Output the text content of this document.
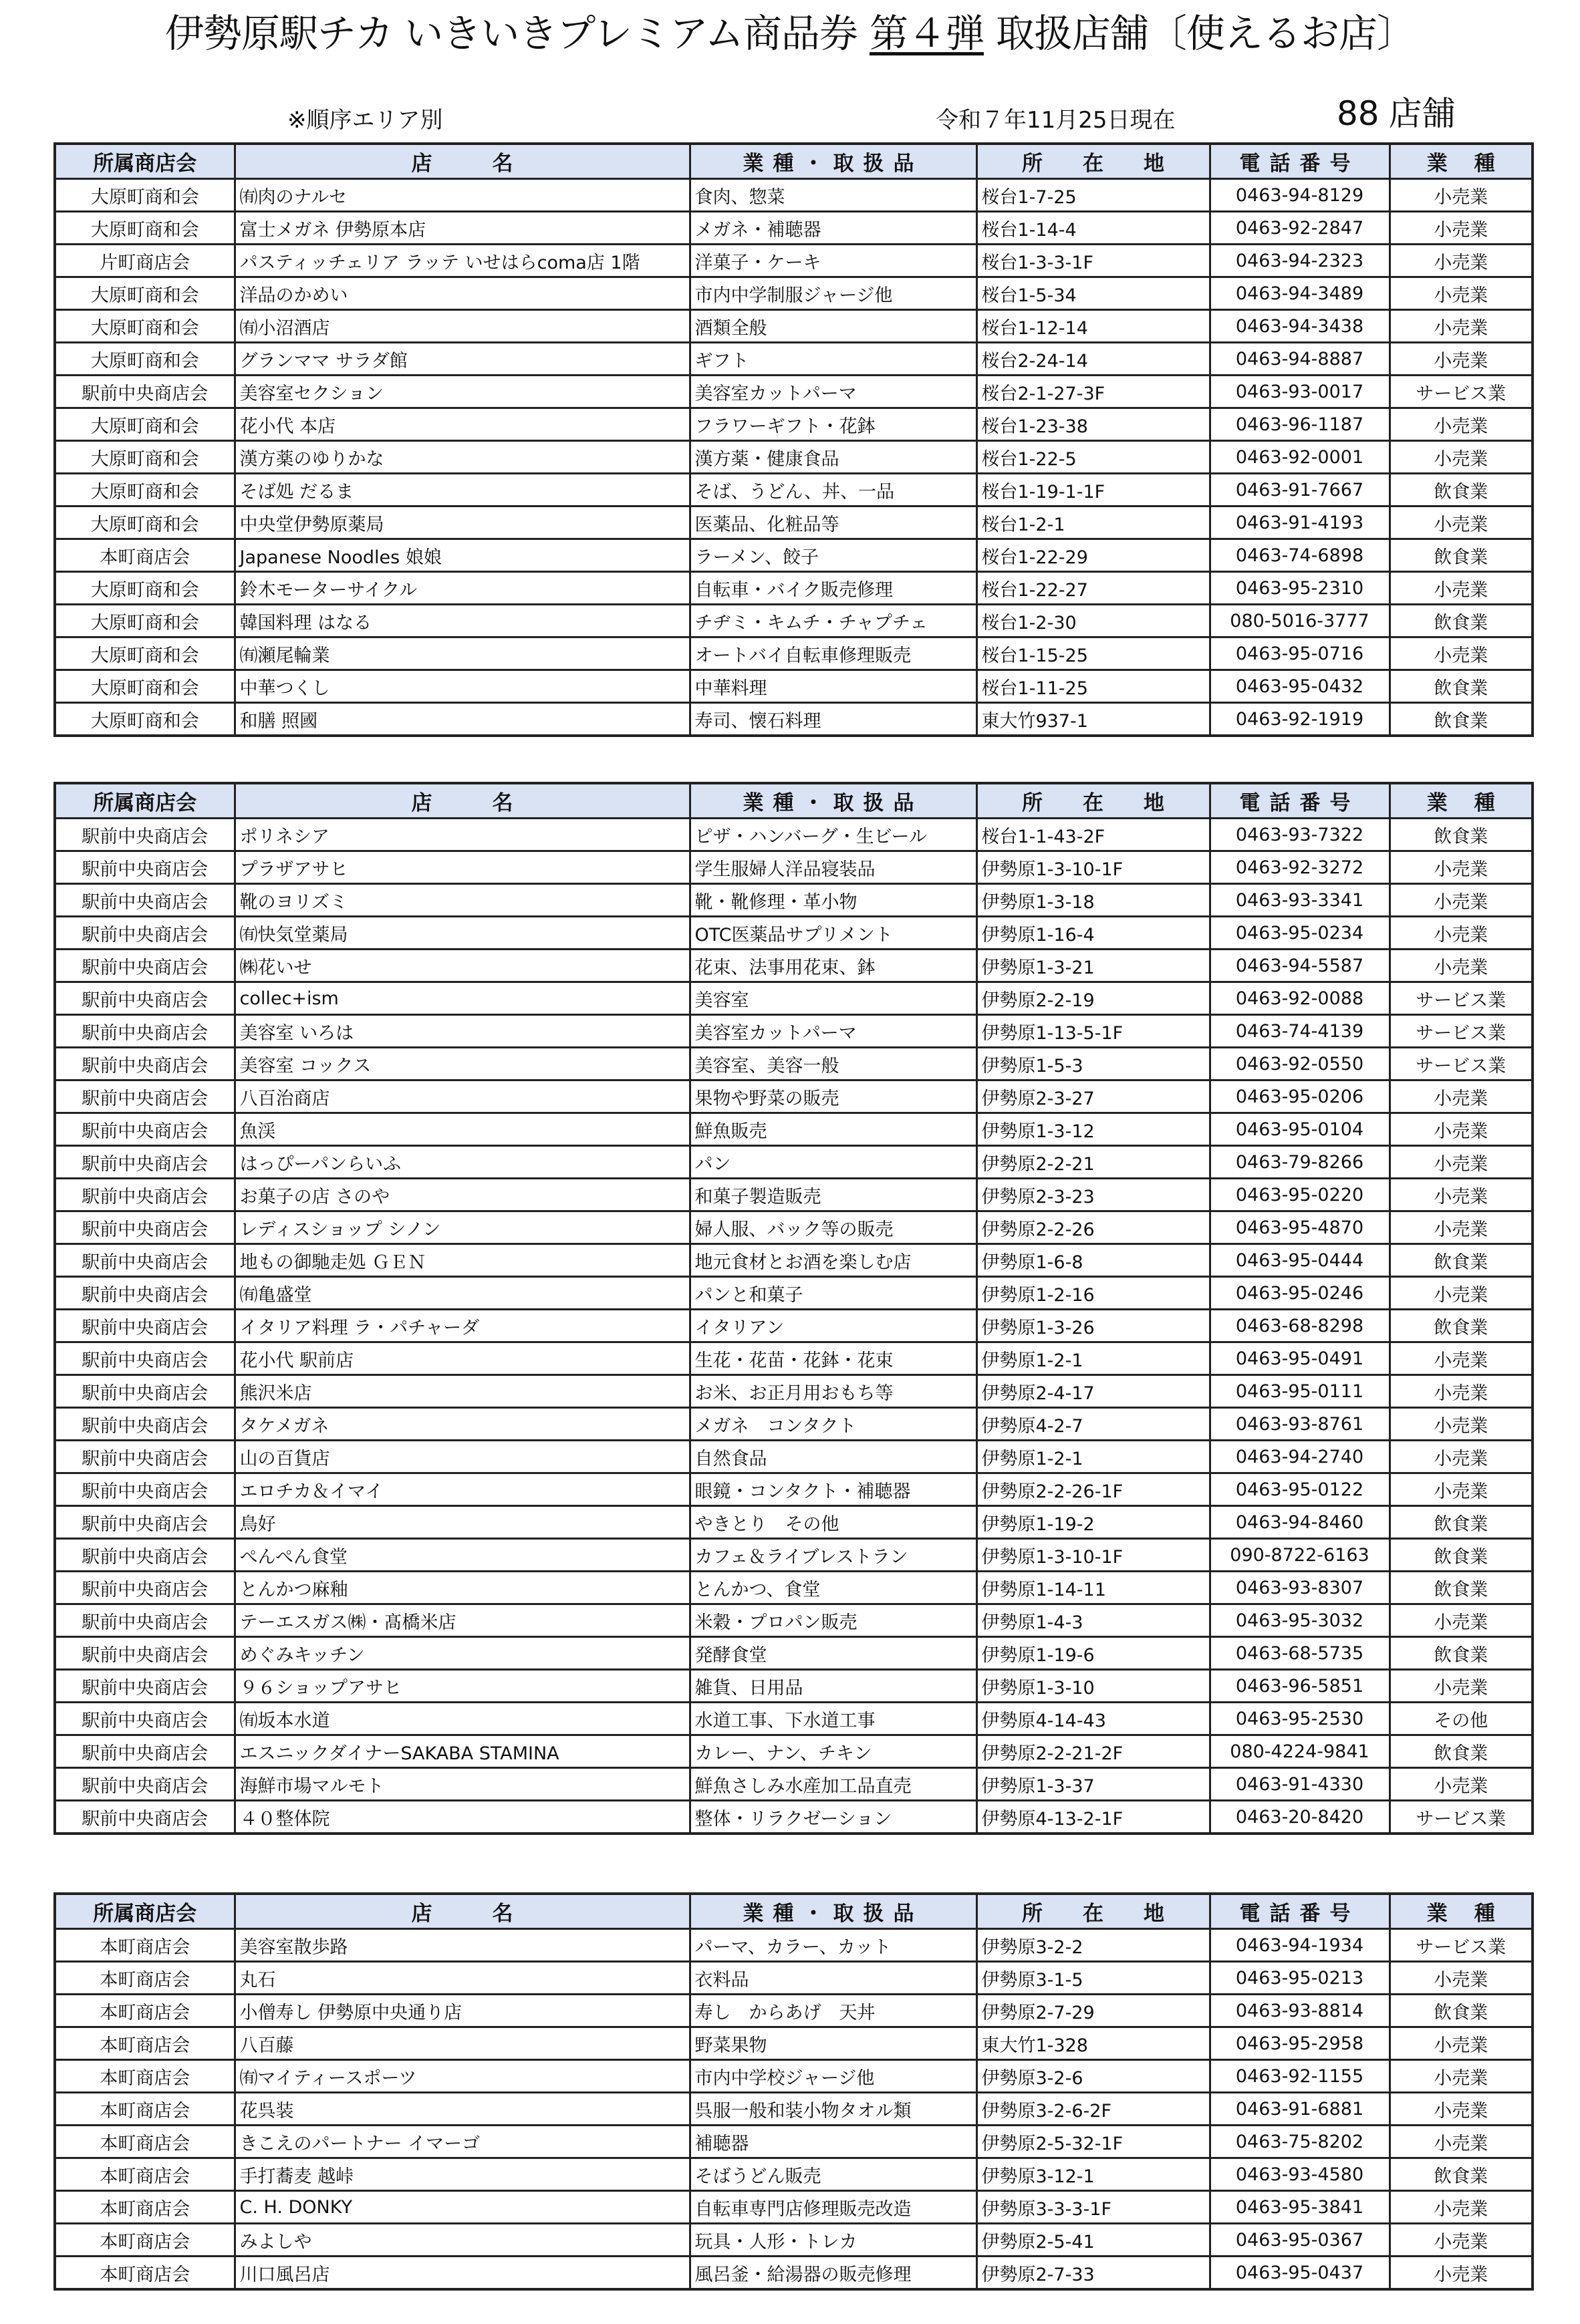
伊勢原駅チカ いきいきプレミアム商品券 第４弾 取扱店舗〔使えるお店〕
※順序エリア別	令和７年11月25日現在	88 店舗
所属商店会	店名	業種・取扱品	所在地	電話番号	業種
大原町商和会	㈲肉のナルセ	食肉、惣菜	桜台1-7-25	0463-94-8129	小売業
大原町商和会	富士メガネ 伊勢原本店	メガネ・補聴器	桜台1-14-4	0463-92-2847	小売業
片町商店会	パスティッチェリア ラッテ いせはらcoma店 1階	洋菓子・ケーキ	桜台1-3-3-1F	0463-94-2323	小売業
大原町商和会	洋品のかめい	市内中学制服ジャージ他	桜台1-5-34	0463-94-3489	小売業
大原町商和会	㈲小沼酒店	酒類全般	桜台1-12-14	0463-94-3438	小売業
大原町商和会	グランママ サラダ館	ギフト	桜台2-24-14	0463-94-8887	小売業
駅前中央商店会	美容室セクション	美容室カットパーマ	桜台2-1-27-3F	0463-93-0017	サービス業
大原町商和会	花小代 本店	フラワーギフト・花鉢	桜台1-23-38	0463-96-1187	小売業
大原町商和会	漢方薬のゆりかな	漢方薬・健康食品	桜台1-22-5	0463-92-0001	小売業
大原町商和会	そば処 だるま	そば、うどん、丼、一品	桜台1-19-1-1F	0463-91-7667	飲食業
大原町商和会	中央堂伊勢原薬局	医薬品、化粧品等	桜台1-2-1	0463-91-4193	小売業
本町商店会	Japanese Noodles 娘娘	ラーメン、餃子	桜台1-22-29	0463-74-6898	飲食業
大原町商和会	鈴木モーターサイクル	自転車・バイク販売修理	桜台1-22-27	0463-95-2310	小売業
大原町商和会	韓国料理 はなる	チヂミ・キムチ・チャプチェ	桜台1-2-30	080-5016-3777	飲食業
大原町商和会	㈲瀬尾輪業	オートバイ自転車修理販売	桜台1-15-25	0463-95-0716	小売業
大原町商和会	中華つくし	中華料理	桜台1-11-25	0463-95-0432	飲食業
大原町商和会	和膳 照國	寿司、懐石料理	東大竹937-1	0463-92-1919	飲食業
所属商店会	店名	業種・取扱品	所在地	電話番号	業種
駅前中央商店会	ポリネシア	ピザ・ハンバーグ・生ビール	桜台1-1-43-2F	0463-93-7322	飲食業
駅前中央商店会	プラザアサヒ	学生服婦人洋品寝装品	伊勢原1-3-10-1F	0463-92-3272	小売業
駅前中央商店会	靴のヨリズミ	靴・靴修理・革小物	伊勢原1-3-18	0463-93-3341	小売業
駅前中央商店会	㈲快気堂薬局	OTC医薬品サプリメント	伊勢原1-16-4	0463-95-0234	小売業
駅前中央商店会	㈱花いせ	花束、法事用花束、鉢	伊勢原1-3-21	0463-94-5587	小売業
駅前中央商店会	collec+ism	美容室	伊勢原2-2-19	0463-92-0088	サービス業
駅前中央商店会	美容室 いろは	美容室カットパーマ	伊勢原1-13-5-1F	0463-74-4139	サービス業
駅前中央商店会	美容室 コックス	美容室、美容一般	伊勢原1-5-3	0463-92-0550	サービス業
駅前中央商店会	八百治商店	果物や野菜の販売	伊勢原2-3-27	0463-95-0206	小売業
駅前中央商店会	魚渓	鮮魚販売	伊勢原1-3-12	0463-95-0104	小売業
駅前中央商店会	はっぴーパンらいふ	パン	伊勢原2-2-21	0463-79-8266	小売業
駅前中央商店会	お菓子の店 さのや	和菓子製造販売	伊勢原2-3-23	0463-95-0220	小売業
駅前中央商店会	レディスショップ シノン	婦人服、バック等の販売	伊勢原2-2-26	0463-95-4870	小売業
駅前中央商店会	地もの御馳走処 ＧＥＮ	地元食材とお酒を楽しむ店	伊勢原1-6-8	0463-95-0444	飲食業
駅前中央商店会	㈲亀盛堂	パンと和菓子	伊勢原1-2-16	0463-95-0246	小売業
駅前中央商店会	イタリア料理 ラ・パチャーダ	イタリアン	伊勢原1-3-26	0463-68-8298	飲食業
駅前中央商店会	花小代 駅前店	生花・花苗・花鉢・花束	伊勢原1-2-1	0463-95-0491	小売業
駅前中央商店会	熊沢米店	お米、お正月用おもち等	伊勢原2-4-17	0463-95-0111	小売業
駅前中央商店会	タケメガネ	メガネ　コンタクト	伊勢原4-2-7	0463-93-8761	小売業
駅前中央商店会	山の百貨店	自然食品	伊勢原1-2-1	0463-94-2740	小売業
駅前中央商店会	エロチカ＆イマイ	眼鏡・コンタクト・補聴器	伊勢原2-2-26-1F	0463-95-0122	小売業
駅前中央商店会	鳥好	やきとり　その他	伊勢原1-19-2	0463-94-8460	飲食業
駅前中央商店会	ぺんぺん食堂	カフェ＆ライブレストラン	伊勢原1-3-10-1F	090-8722-6163	飲食業
駅前中央商店会	とんかつ麻釉	とんかつ、食堂	伊勢原1-14-11	0463-93-8307	飲食業
駅前中央商店会	テーエスガス㈱・髙橋米店	米穀・プロパン販売	伊勢原1-4-3	0463-95-3032	小売業
駅前中央商店会	めぐみキッチン	発酵食堂	伊勢原1-19-6	0463-68-5735	飲食業
駅前中央商店会	９６ショップアサヒ	雑貨、日用品	伊勢原1-3-10	0463-96-5851	小売業
駅前中央商店会	㈲坂本水道	水道工事、下水道工事	伊勢原4-14-43	0463-95-2530	その他
駅前中央商店会	エスニックダイナーSAKABA STAMINA	カレー、ナン、チキン	伊勢原2-2-21-2F	080-4224-9841	飲食業
駅前中央商店会	海鮮市場マルモト	鮮魚さしみ水産加工品直売	伊勢原1-3-37	0463-91-4330	小売業
駅前中央商店会	４０整体院	整体・リラクゼーション	伊勢原4-13-2-1F	0463-20-8420	サービス業
所属商店会	店名	業種・取扱品	所在地	電話番号	業種
本町商店会	美容室散歩路	パーマ、カラー、カット	伊勢原3-2-2	0463-94-1934	サービス業
本町商店会	丸石	衣料品	伊勢原3-1-5	0463-95-0213	小売業
本町商店会	小僧寿し 伊勢原中央通り店	寿し　からあげ　天丼	伊勢原2-7-29	0463-93-8814	飲食業
本町商店会	八百藤	野菜果物	東大竹1-328	0463-95-2958	小売業
本町商店会	㈲マイティースポーツ	市内中学校ジャージ他	伊勢原3-2-6	0463-92-1155	小売業
本町商店会	花呉装	呉服一般和装小物タオル類	伊勢原3-2-6-2F	0463-91-6881	小売業
本町商店会	きこえのパートナー イマーゴ	補聴器	伊勢原2-5-32-1F	0463-75-8202	小売業
本町商店会	手打蕎麦 越峠	そばうどん販売	伊勢原3-12-1	0463-93-4580	飲食業
本町商店会	C. H. DONKY	自転車専門店修理販売改造	伊勢原3-3-3-1F	0463-95-3841	小売業
本町商店会	みよしや	玩具・人形・トレカ	伊勢原2-5-41	0463-95-0367	小売業
本町商店会	川口風呂店	風呂釜・給湯器の販売修理	伊勢原2-7-33	0463-95-0437	小売業
